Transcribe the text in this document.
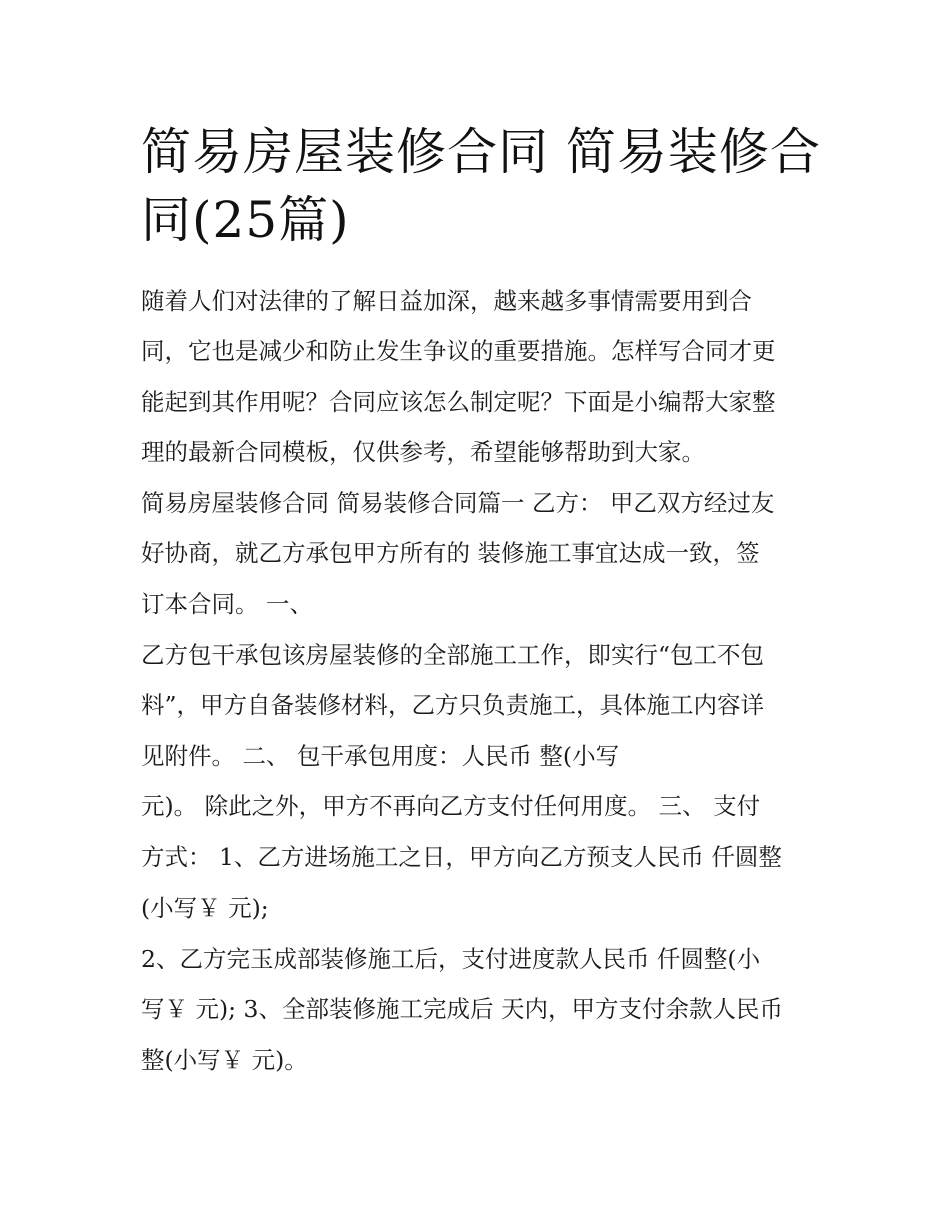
简易房屋装修合同 简易装修合同(25篇)

随着人们对法律的了解日益加深，越来越多事情需要用到合

同，它也是减少和防止发生争议的重要措施。怎样写合同才更

能起到其作用呢？合同应该怎么制定呢？下面是小编帮大家整

理的最新合同模板，仅供参考，希望能够帮助到大家。

简易房屋装修合同 简易装修合同篇一 乙方： 甲乙双方经过友

好协商，就乙方承包甲方所有的 装修施工事宜达成一致，签

订本合同。 一、

乙方包干承包该房屋装修的全部施工工作，即实行“包工不包

料”，甲方自备装修材料，乙方只负责施工，具体施工内容详

见附件。 二、 包干承包用度：人民币 整(小写

元)。 除此之外，甲方不再向乙方支付任何用度。 三、 支付

方式： 1、乙方进场施工之日，甲方向乙方预支人民币 仟圆整

(小写￥ 元);

2、乙方完玉成部装修施工后，支付进度款人民币 仟圆整(小

写￥ 元); 3、全部装修施工完成后 天内，甲方支付余款人民币

整(小写￥ 元)。
